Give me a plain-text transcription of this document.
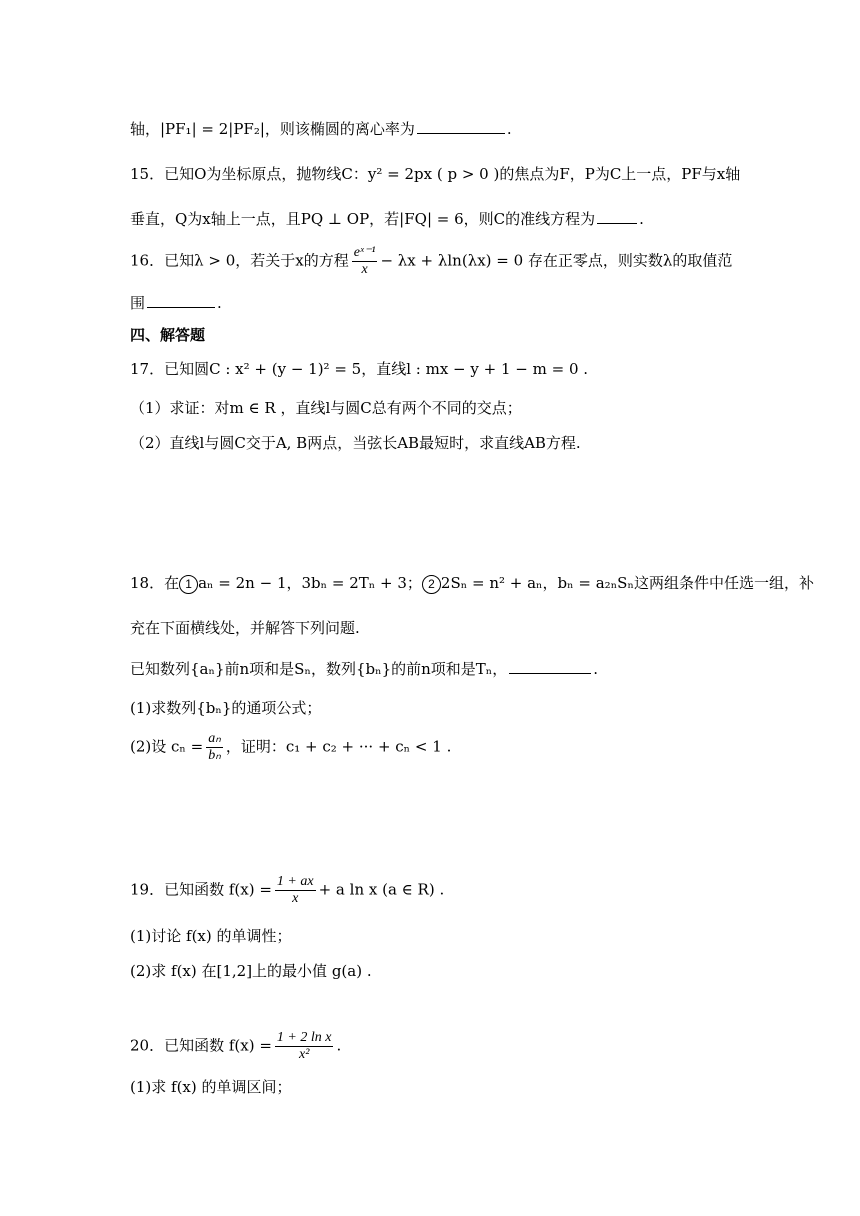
轴，|PF₁| = 2|PF₂|，则该椭圆的离心率为	.
15．已知O为坐标原点，抛物线C：y² = 2px ( p > 0 )的焦点为F，P为C上一点，PF与x轴
垂直，Q为x轴上一点，且PQ ⊥ OP，若|FQ| = 6，则C的准线方程为	.
16．已知λ > 0，若关于x的方程 $\frac{\text{eˣ⁻¹}}{x} - \lambda x + \lambda\ln(\lambda x) = 0$ 存在正零点，则实数λ的取值范
围	.
四、解答题
17．已知圆C : x² + (y − 1)² = 5，直线l : mx − y + 1 − m = 0 .
（1）求证：对m ∈ R ，直线l与圆C总有两个不同的交点；
（2）直线l与圆C交于A, B两点，当弦长AB最短时，求直线AB方程.
18．在 1 aₙ = 2n − 1，3bₙ = 2Tₙ + 3； 2 2Sₙ = n² + aₙ，bₙ = a₂ₙSₙ这两组条件中任选一组，补
充在下面横线处，并解答下列问题.
已知数列{aₙ}前n项和是Sₙ，数列{bₙ}的前n项和是Tₙ，	.
(1)求数列{bₙ}的通项公式；
(2)设 $c_n = \frac{\text{aₙ}}{\text{bₙ}}$ ，证明：c₁ + c₂ + ··· + cₙ < 1 .
19．已知函数 $f(x) = \frac{1 + ax}{x} + a$ ln x (a ∈ R) .
(1)讨论 f(x) 的单调性；
(2)求 f(x) 在[1,2]上的最小值 g(a) .
20．已知函数 $f(x) = \frac{\text{1 + 2 ln x}}{\text{x²}}$ .
(1)求 f(x) 的单调区间；
